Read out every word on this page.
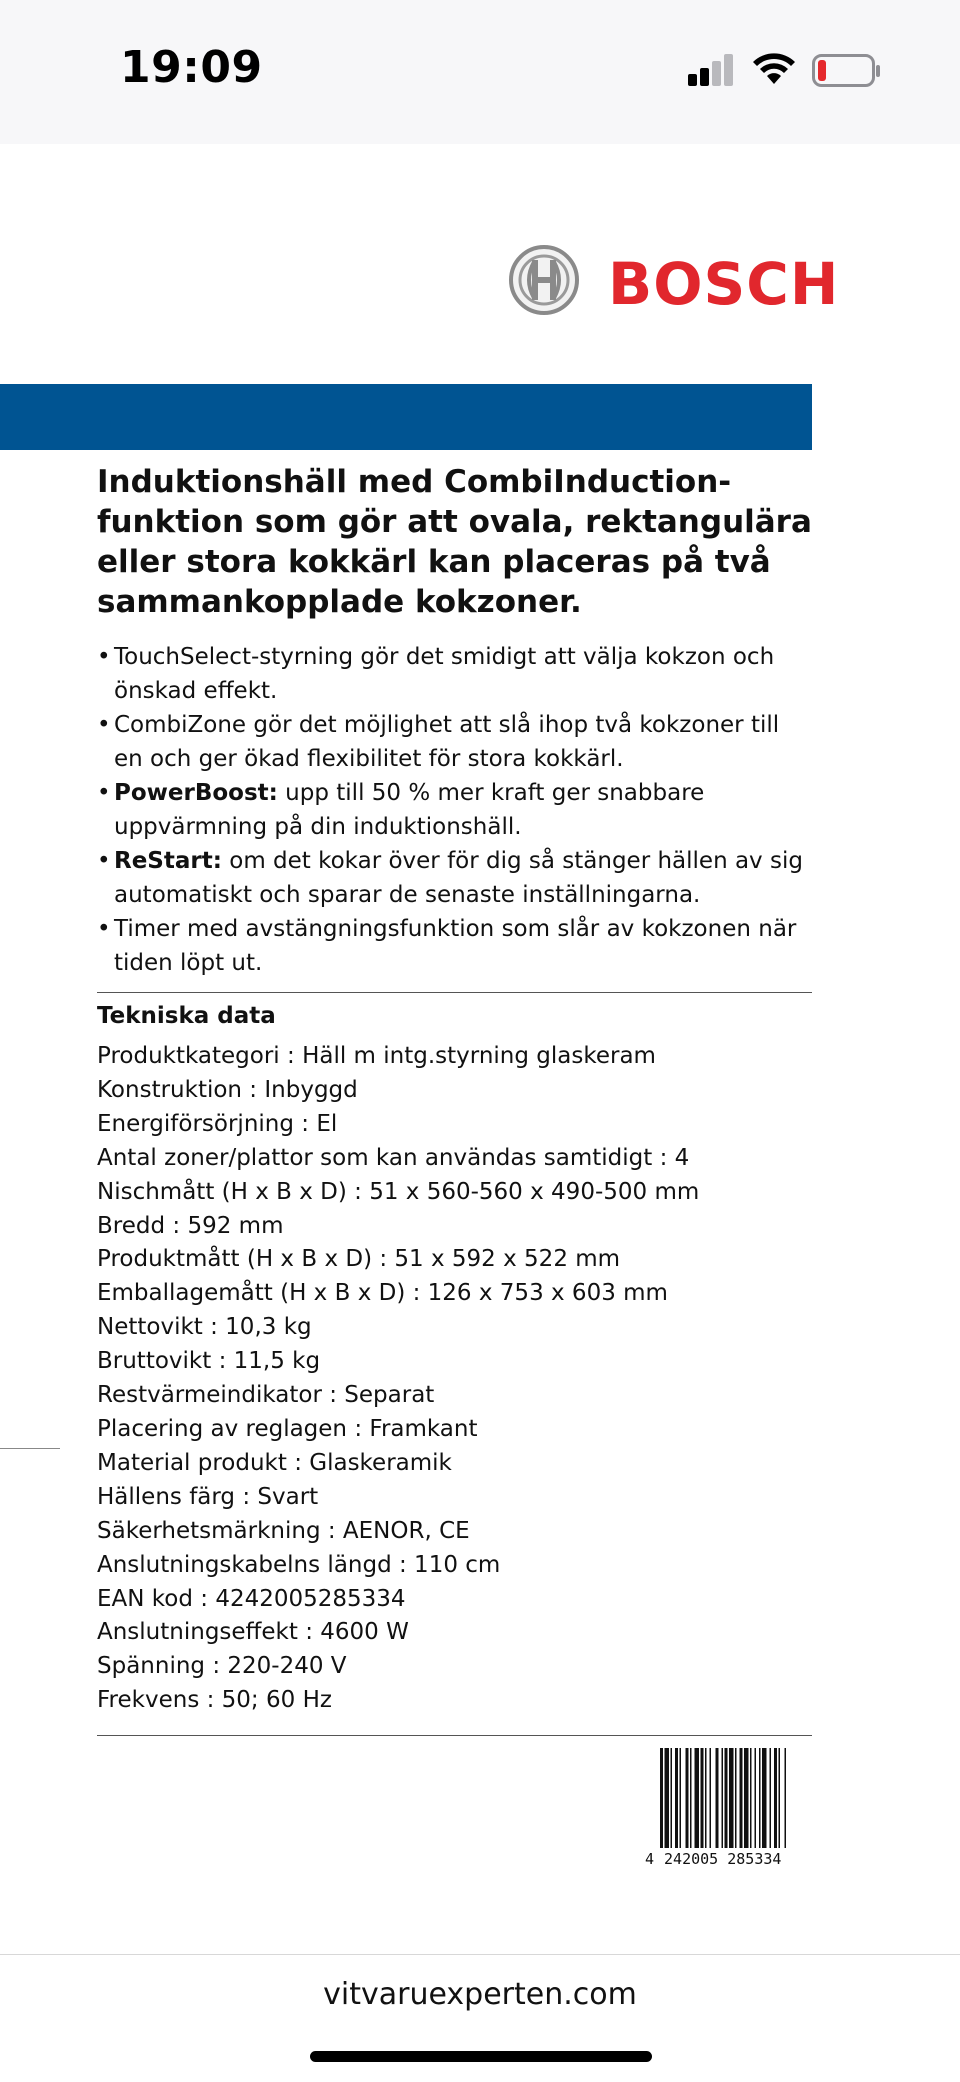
19:09
BOSCH
Induktionshäll med CombiInduction-funktion som gör att ovala, rektangulära eller stora kokkärl kan placeras på två sammankopplade kokzoner.
• TouchSelect-styrning gör det smidigt att välja kokzon och önskad effekt.
• CombiZone gör det möjlighet att slå ihop två kokzoner till en och ger ökad flexibilitet för stora kokkärl.
• PowerBoost: upp till 50 % mer kraft ger snabbare uppvärmning på din induktionshäll.
• ReStart: om det kokar över för dig så stänger hällen av sig automatiskt och sparar de senaste inställningarna.
• Timer med avstängningsfunktion som slår av kokzonen när tiden löpt ut.
Tekniska data
Produktkategori : Häll m intg.styrning glaskeram
Konstruktion : Inbyggd
Energiförsörjning : El
Antal zoner/plattor som kan användas samtidigt : 4
Nischmått (H x B x D) : 51 x 560-560 x 490-500 mm
Bredd : 592 mm
Produktmått (H x B x D) : 51 x 592 x 522 mm
Emballagemått (H x B x D) : 126 x 753 x 603 mm
Nettovikt : 10,3 kg
Bruttovikt : 11,5 kg
Restvärmeindikator : Separat
Placering av reglagen : Framkant
Material produkt : Glaskeramik
Hällens färg : Svart
Säkerhetsmärkning : AENOR, CE
Anslutningskabelns längd : 110 cm
EAN kod : 4242005285334
Anslutningseffekt : 4600 W
Spänning : 220-240 V
Frekvens : 50; 60 Hz
4 242005 285334
vitvaruexperten.com
